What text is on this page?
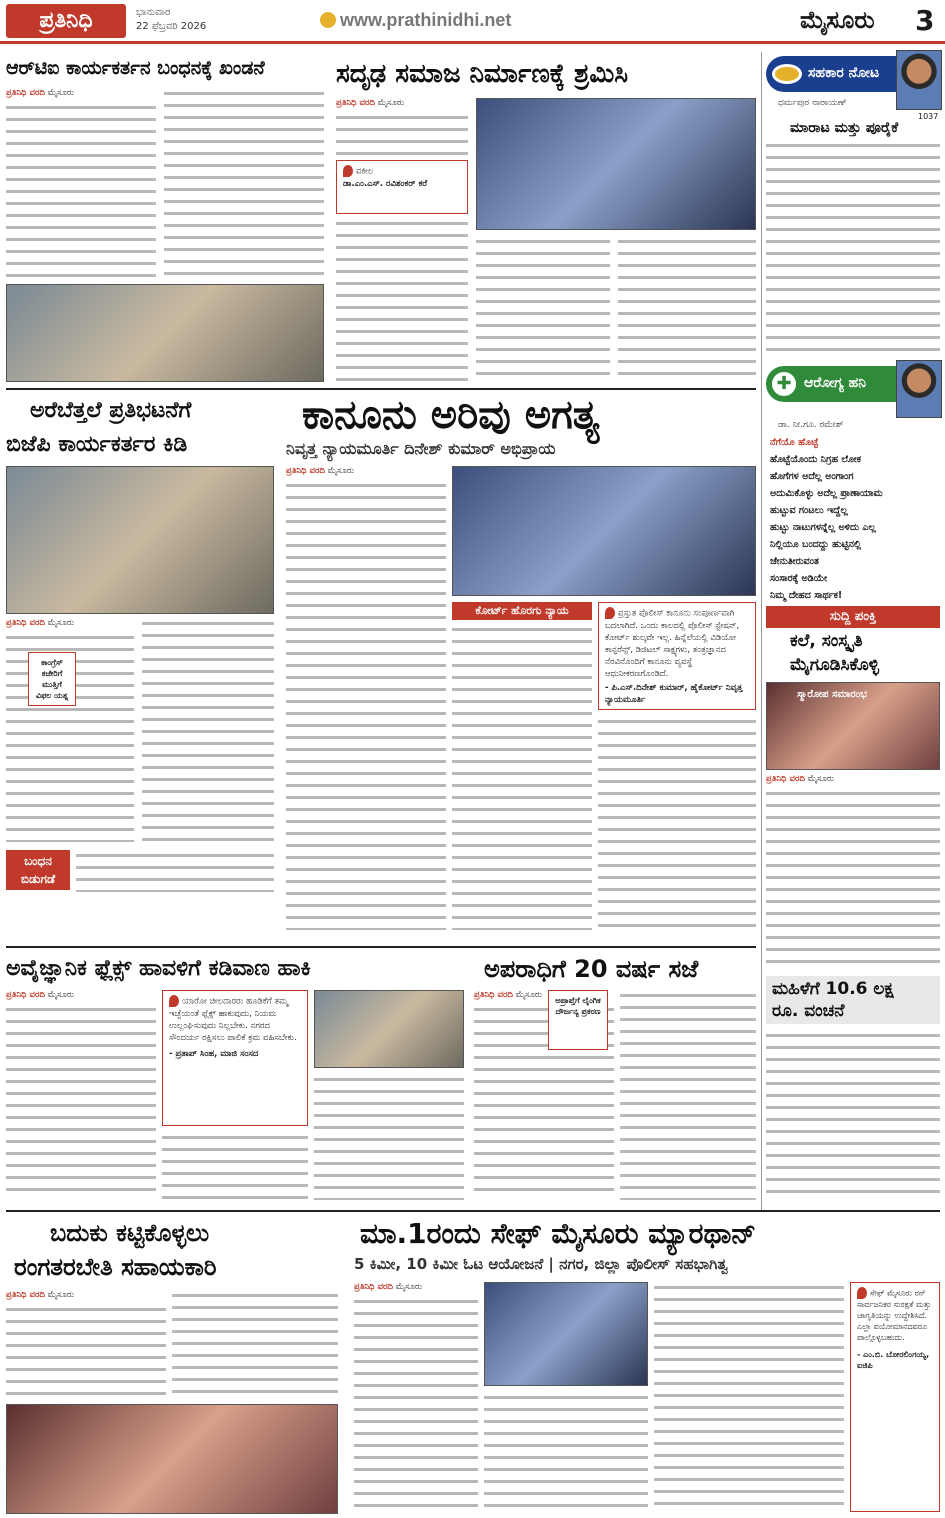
ಪ್ರತಿನಿಧಿ	ಭಾನುವಾರ
22 ಫೆಬ್ರವರಿ 2026	www.prathinidhi.net	ಮೈಸೂರು 3
ಆರ್‌ಟಿಐ ಕಾರ್ಯಕರ್ತನ ಬಂಧನಕ್ಕೆ ಖಂಡನೆ
ಪ್ರತಿನಿಧಿ ವರದಿ ಮೈಸೂರು
ಸದೃಢ ಸಮಾಜ ನಿರ್ಮಾಣಕ್ಕೆ ಶ್ರಮಿಸಿ
ಪ್ರತಿನಿಧಿ ವರದಿ ಮೈಸೂರು
ವಕೀಲ
ಡಾ.ಎಂ.ಎಸ್. ರವಿಶಂಕರ್ ಕರೆ
ಸಹಕಾರ ನೋಟ
ಧರ್ಮಪುರ ನಾರಾಯಣ್
1037
ಮಾರಾಟ ಮತ್ತು ಪೂರೈಕೆ
✚ ಆರೋಗ್ಯ ಹನಿ
ಡಾ. ನೀ.ಗೂ. ರಮೇಶ್
ನೆಗೆಯೊ ಹೊಟ್ಟೆ
ಹೊಟ್ಟೆಯೊಂದು ನಿಗ್ರಹ ಲೋಕ
ಹೊಗೆಗಳ ಅದೆಲ್ಲ ಅಂಗಾಂಗ
ಅದುಮಿಕೊಳ್ಳು ಅದೆಲ್ಲ ಪ್ರಾಣಾಯಾಮ
ಹುಟ್ಟುವ ಗಂಟಲು ಇದ್ದೆಲ್ಲ
ಹುಟ್ಟು ನಾಟುಗಳನ್ನೆಲ್ಲ ಅಳಿದು ಎಲ್ಲ
ನಿಲ್ಲಿಯೂ ಬಂದದ್ದು ಹುಟ್ಟಿನಲ್ಲಿ
ಜೇನುತೀರುವಂತ
ಸಂಸಾರಕ್ಕೆ ಅಡಿಯೇ
ನಿಮ್ಮ ದೇಹದ ಸಾರ್ಥಕ!
ಸುದ್ದಿ ಪಂಕ್ತಿ
ಕಲೆ, ಸಂಸ್ಕೃತಿ
ಮೈಗೂಡಿಸಿಕೊಳ್ಳಿ
ಸ್ಮಾರೋಪ ಸಮಾರಂಭ
ಪ್ರತಿನಿಧಿ ವರದಿ ಮೈಸೂರು
ಮಹಿಳೆಗೆ 10.6 ಲಕ್ಷ
ರೂ. ವಂಚನೆ
ಅರೆಬೆತ್ತಲೆ ಪ್ರತಿಭಟನೆಗೆ
ಬಿಜೆಪಿ ಕಾರ್ಯಕರ್ತರ ಕಿಡಿ
ಪ್ರತಿನಿಧಿ ವರದಿ ಮೈಸೂರು
ಕಾಂಗ್ರೆಸ್ ಕಚೇರಿಗೆ ಮುತ್ತಿಗೆ ವಿಫಲ ಯತ್ನ
ಬಂಧನ
ಬಿಡುಗಡೆ
ಕಾನೂನು ಅರಿವು ಅಗತ್ಯ
ನಿವೃತ್ತ ನ್ಯಾಯಮೂರ್ತಿ ದಿನೇಶ್ ಕುಮಾರ್ ಅಭಿಪ್ರಾಯ
ಪ್ರತಿನಿಧಿ ವರದಿ ಮೈಸೂರು
ಕೋರ್ಟ್ ಹೊರಗು ನ್ಯಾಯ	ಪ್ರಸ್ತುತ ಪೊಲೀಸ್ ಕಾನೂನು ಸಂಪೂರ್ಣವಾಗಿ ಬದಲಾಗಿದೆ. ಒಂದು ಕಾಲದಲ್ಲಿ ಪೊಲೀಸ್ ಸ್ಟೇಷನ್, ಕೋರ್ಟ್ ಶುಲ್ಕವೇ ಇಲ್ಲ. ಹಿನ್ನೆಲೆಯಲ್ಲಿ ವಿಡಿಯೋ ಕಾನ್ಫರೆನ್ಸ್, ಡಿಜಿಟಲ್ ಸಾಕ್ಷ್ಯಗಳು, ತಂತ್ರಜ್ಞಾನದ ನೆರವಿನೊಂದಿಗೆ ಕಾನೂನು ವ್ಯವಸ್ಥೆ ಆಧುನೀಕರಣಗೊಂಡಿದೆ.
- ಪಿ.ಎಸ್.ದಿನೇಶ್ ಕುಮಾರ್, ಹೈಕೋರ್ಟ್ ನಿವೃತ್ತ ನ್ಯಾಯಮೂರ್ತಿ
ಅವೈಜ್ಞಾನಿಕ ಫ್ಲೆಕ್ಸ್ ಹಾವಳಿಗೆ ಕಡಿವಾಣ ಹಾಕಿ
ಪ್ರತಿನಿಧಿ ವರದಿ ಮೈಸೂರು
ಯಾರೋ ಚೀಲದಾರರು ಹೂಡಿಕೆಗೆ ತಮ್ಮ ಇಚ್ಛೆಯಂತೆ ಫ್ಲೆಕ್ಸ್ ಹಾಕುವುದು, ನಿಯಮ ಉಲ್ಲಂಘಿಸುವುದು ನಿಲ್ಲಬೇಕು. ನಗರದ ಸೌಂದರ್ಯ ರಕ್ಷಿಸಲು ಪಾಲಿಕೆ ಕ್ರಮ ವಹಿಸಬೇಕು.
- ಪ್ರತಾಪ್ ಸಿಂಹ, ಮಾಜಿ ಸಂಸದ
ಅಪರಾಧಿಗೆ 20 ವರ್ಷ ಸಜೆ
ಪ್ರತಿನಿಧಿ ವರದಿ ಮೈಸೂರು
ಅಪ್ರಾಪ್ತೆಗೆ ಲೈಂಗಿಕ ದೌರ್ಜನ್ಯ ಪ್ರಕರಣ
ಬದುಕು ಕಟ್ಟಿಕೊಳ್ಳಲು
ರಂಗತರಬೇತಿ ಸಹಾಯಕಾರಿ
ಪ್ರತಿನಿಧಿ ವರದಿ ಮೈಸೂರು
ಮಾ.1ರಂದು ಸೇಫ್ ಮೈಸೂರು ಮ್ಯಾರಥಾನ್
5 ಕಿಮೀ, 10 ಕಿಮೀ ಓಟ ಆಯೋಜನೆ | ನಗರ, ಜಿಲ್ಲಾ ಪೊಲೀಸ್ ಸಹಭಾಗಿತ್ವ
ಪ್ರತಿನಿಧಿ ವರದಿ ಮೈಸೂರು
ಸೇಫ್ ಮೈಸೂರು ರನ್ ಸಾರ್ವಜನಿಕರ ಸುರಕ್ಷತೆ ಮತ್ತು ಜಾಗೃತಿಯನ್ನು ಉದ್ದೇಶಿಸಿದೆ. ಎಲ್ಲಾ ವಯೋಮಾನದವರೂ ಪಾಲ್ಗೊಳ್ಳಬಹುದು.
- ಎಂ.ಬಿ. ಬೋರಲಿಂಗಯ್ಯ, ಐಜಿಪಿ
